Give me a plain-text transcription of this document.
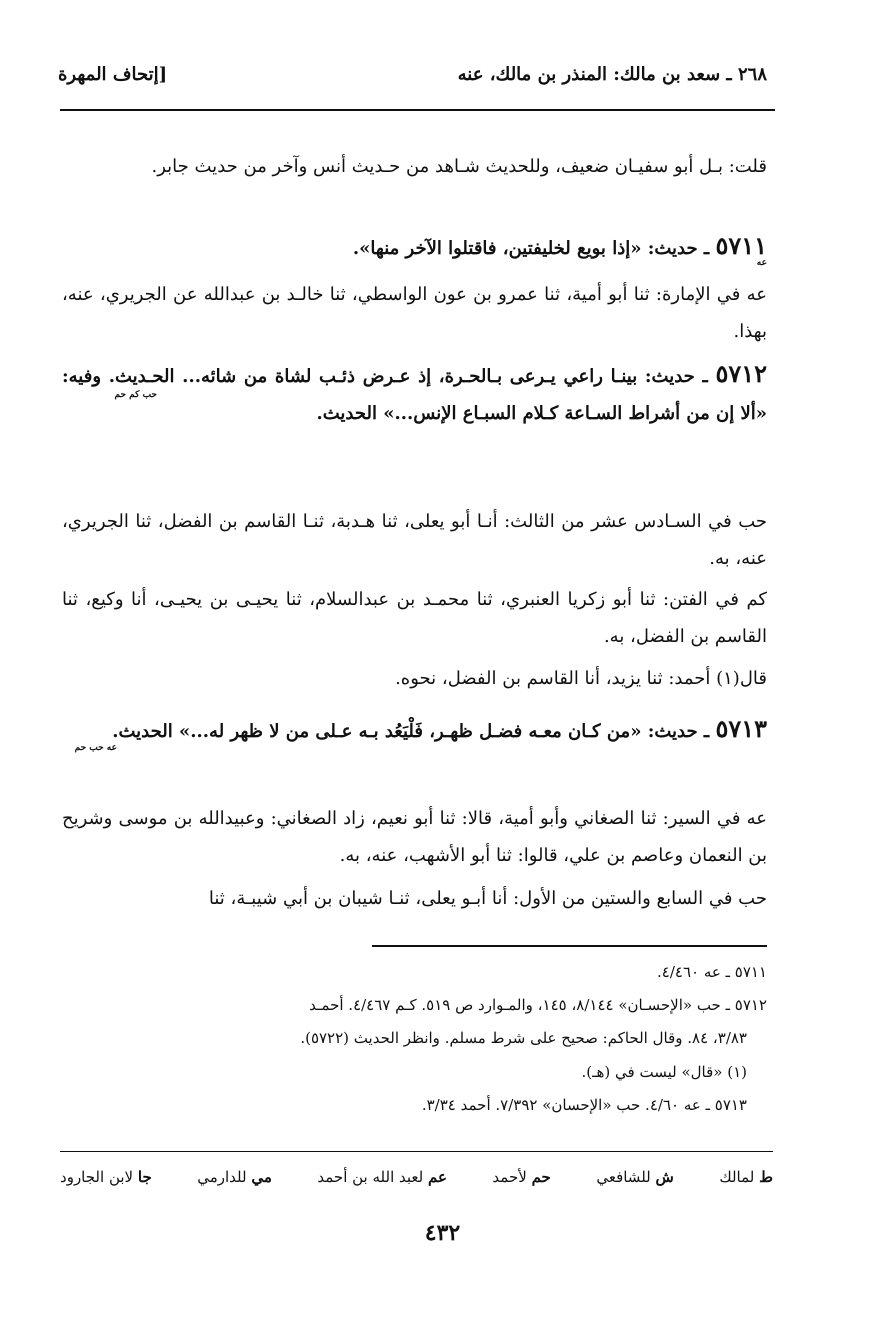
٢٦٨ ـ سعد بن مالك: المنذر بن مالك، عنه
[إتحاف المهرة
قلت: بـل أبو سفيـان ضعيف، وللحديث شـاهد من حـديث أنس وآخر من حديث جابر.
٥٧١١ ـ حديث: «إذا بويع لخليفتين، فاقتلوا الآخر منها».
عه
عه في الإمارة: ثنا أبو أمية، ثنا عمرو بن عون الواسطي، ثنا خالـد بن عبدالله عن الجريري، عنه، بهذا.
٥٧١٢ ـ حديث: بينـا راعي يـرعى بـالحـرة، إذ عـرض ذئـب لشاة من شائه... الحـديث. وفيه: «ألا إن من أشراط السـاعة كـلام السبـاع الإنس...» الحديث.
حب كم حم
حب في السـادس عشر من الثالث: أنـا أبو يعلى، ثنا هـدبة، ثنـا القاسم بن الفضل، ثنا الجريري، عنه، به.
كم في الفتن: ثنا أبو زكريا العنبري، ثنا محمـد بن عبدالسلام، ثنا يحيـى بن يحيـى، أنا وكيع، ثنا القاسم بن الفضل، به.
قال(١) أحمد: ثنا يزيد، أنا القاسم بن الفضل، نحوه.
٥٧١٣ ـ حديث: «من كـان معـه فضـل ظهـر، فَلْيَعُد بـه عـلى من لا ظهر له...» الحديث.
عه حب حم
عه في السير: ثنا الصغاني وأبو أمية، قالا: ثنا أبو نعيم، زاد الصغاني: وعبيدالله بن موسى وشريح بن النعمان وعاصم بن علي، قالوا: ثنا أبو الأشهب، عنه، به.
حب في السابع والستين من الأول: أنا أبـو يعلى، ثنـا شيبان بن أبي شيبـة، ثنا
٥٧١١ ـ عه ٤/٤٦٠.
٥٧١٢ ـ حب «الإحسـان» ٨/١٤٤، ١٤٥، والمـوارد ص ٥١٩. كـم ٤/٤٦٧. أحمـد
٣/٨٣، ٨٤. وقال الحاكم: صحيح على شرط مسلم. وانظر الحديث (٥٧٢٢).
(١) «قال» ليست في (هـ).
٥٧١٣ ـ عه ٤/٦٠. حب «الإحسان» ٧/٣٩٢. أحمد ٣/٣٤.
ط لمالك
ش للشافعي
حم لأحمد
عم لعبد الله بن أحمد
مي للدارمي
جا لابن الجارود
٤٣٢
